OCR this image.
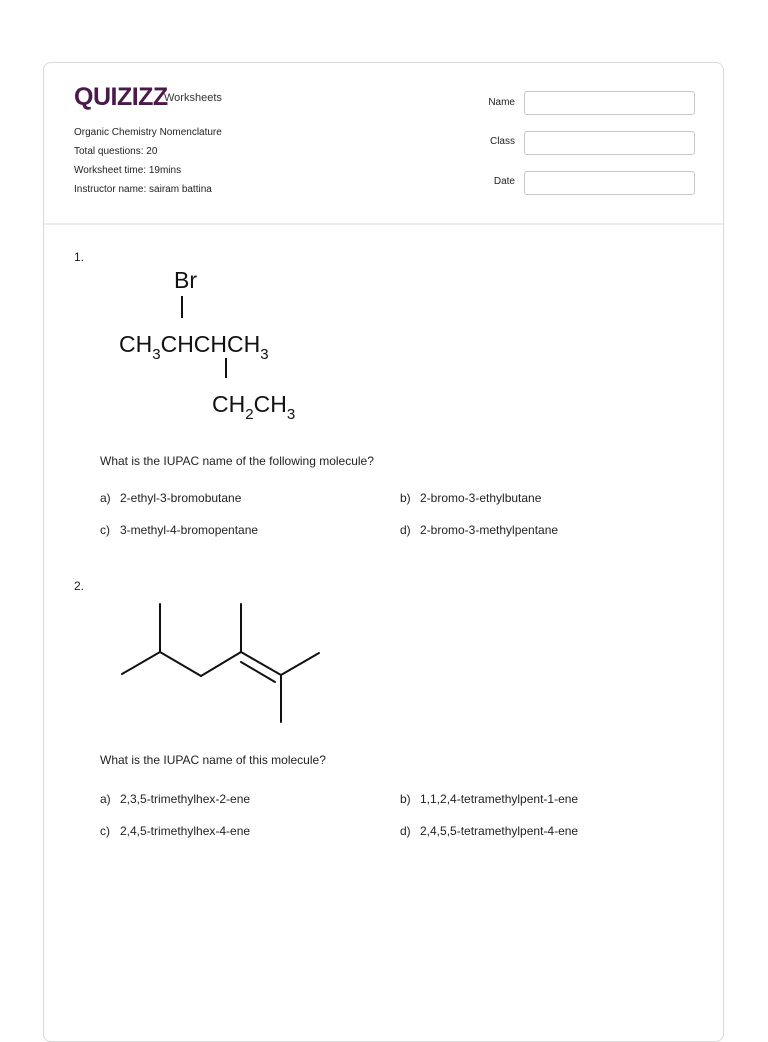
QUIZIZZ
Worksheets
Organic Chemistry Nomenclature
Total questions: 20
Worksheet time: 19mins
Instructor name: sairam battina
Name
Class
Date
1.
Br
$CH_3CHCHCH_3$
$CH_2CH_3$
What is the IUPAC name of the following molecule?
a) 2-ethyl-3-bromobutane	b) 2-bromo-3-ethylbutane
c) 3-methyl-4-bromopentane	d) 2-bromo-3-methylpentane
2.
What is the IUPAC name of this molecule?
a) 2,3,5-trimethylhex-2-ene	b) 1,1,2,4-tetramethylpent-1-ene
c) 2,4,5-trimethylhex-4-ene	d) 2,4,5,5-tetramethylpent-4-ene
